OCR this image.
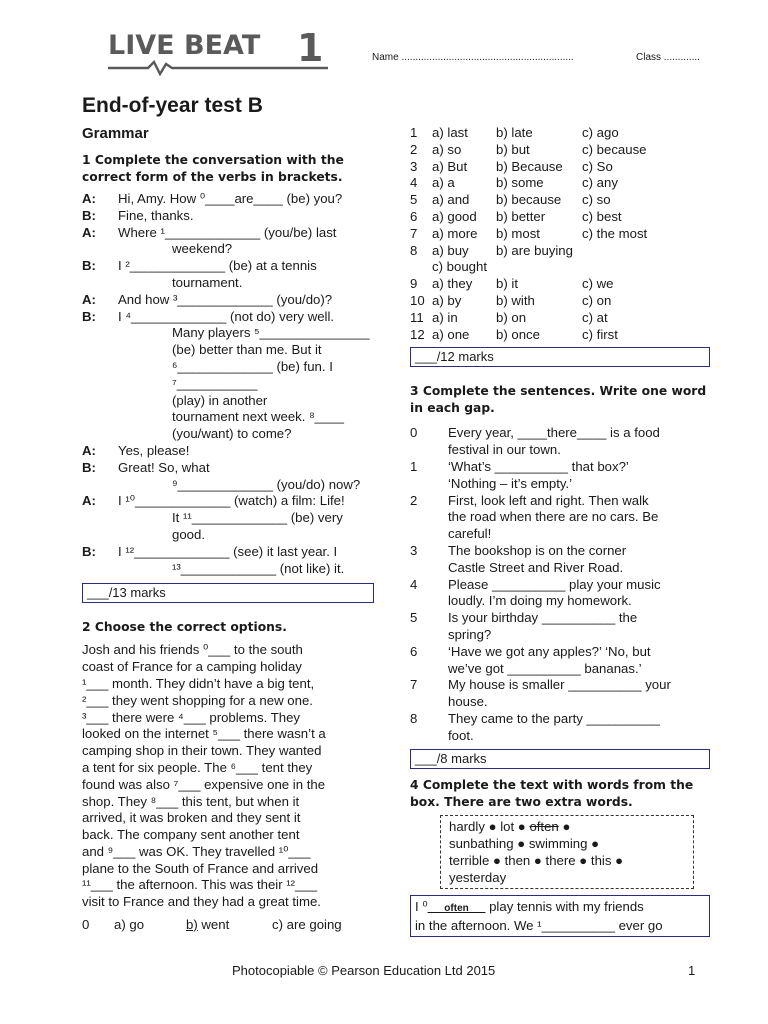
LIVE BEAT 1	Name ..............................................................	Class .............
End-of-year test B
Grammar
1 Complete the conversation with the correct form of the verbs in brackets.
A:	Hi, Amy. How ⁰____are____ (be) you?
B:	Fine, thanks.
A:	Where ¹_____________ (you/be) last
weekend?
B:	I ²_____________ (be) at a tennis
tournament.
A:	And how ³_____________ (you/do)?
B:	I ⁴_____________ (not do) very well.
Many players ⁵_______________
(be) better than me. But it
⁶_____________ (be) fun. I ⁷___________
(play) in another
tournament next week. ⁸____
(you/want) to come?
A:	Yes, please!
B:	Great! So, what
⁹_____________ (you/do) now?
A:	I ¹⁰_____________ (watch) a film: Life!
It ¹¹_____________ (be) very
good.
B:	I ¹²_____________ (see) it last year. I
¹³_____________ (not like) it.
___/13 marks
2 Choose the correct options.

Josh and his friends ⁰___ to the south

coast of France for a camping holiday

¹___ month. They didn’t have a big tent,

²___ they went shopping for a new one.

³___ there were ⁴___ problems. They

looked on the internet ⁵___ there wasn’t a

camping shop in their town. They wanted

a tent for six people. The ⁶___ tent they

found was also ⁷___ expensive one in the

shop. They ⁸___ this tent, but when it

arrived, it was broken and they sent it

back. The company sent another tent

and ⁹___ was OK. They travelled ¹⁰___

plane to the South of France and arrived

¹¹___ the afternoon. This was their ¹²___

visit to France and they had a great time.

0	a) go	b) went	c) are going
1	a) last	b) late	c) ago
2	a) so	b) but	c) because
3	a) But	b) Because	c) So
4	a) a	b) some	c) any
5	a) and	b) because	c) so
6	a) good	b) better	c) best
7	a) more	b) most	c) the most
8	a) buy	b) are buying
c) bought
9	a) they	b) it	c) we
10 a) by	b) with	c) on
11 a) in	b) on	c) at
12 a) one	b) once	c) first
___/12 marks
3 Complete the sentences. Write one word in each gap.
0	Every year, ____there____ is a food
festival in our town.
1	‘What’s __________ that box?’
‘Nothing – it’s empty.’
2	First, look left and right. Then walk
the road when there are no cars. Be
careful!
3	The bookshop is on the corner
Castle Street and River Road.
4	Please __________ play your music
loudly. I’m doing my homework.
5	Is your birthday __________ the
spring?
6	‘Have we got any apples?’ ‘No, but
we’ve got __________ bananas.’
7	My house is smaller __________ your
house.
8	They came to the party __________
foot.
___/8 marks
4 Complete the text with words from the box. There are two extra words.
hardly ● lot ● often ●
sunbathing ● swimming ●
terrible ● then ● there ● this ●
yesterday
I ⁰___often___ play tennis with my friends
in the afternoon. We ¹__________ ever go
Photocopiable © Pearson Education Ltd 2015	1
